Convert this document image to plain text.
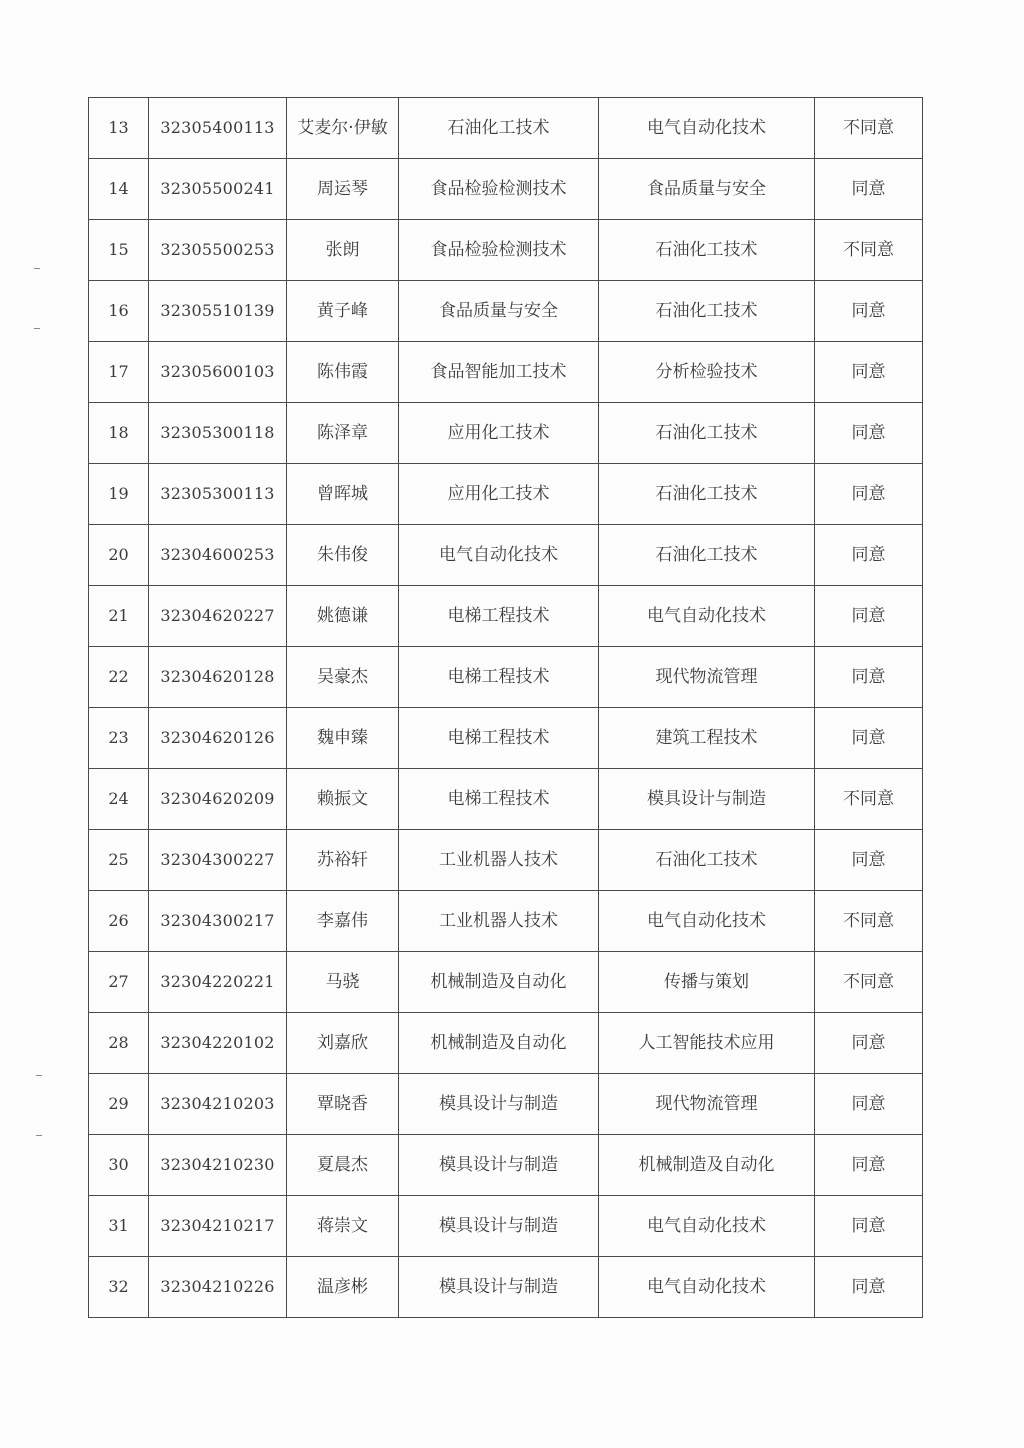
13	32305400113	艾麦尔·伊敏	石油化工技术	电气自动化技术	不同意
14	32305500241	周运琴	食品检验检测技术	食品质量与安全	同意
15	32305500253	张朗	食品检验检测技术	石油化工技术	不同意
16	32305510139	黄子峰	食品质量与安全	石油化工技术	同意
17	32305600103	陈伟霞	食品智能加工技术	分析检验技术	同意
18	32305300118	陈泽章	应用化工技术	石油化工技术	同意
19	32305300113	曾晖城	应用化工技术	石油化工技术	同意
20	32304600253	朱伟俊	电气自动化技术	石油化工技术	同意
21	32304620227	姚德谦	电梯工程技术	电气自动化技术	同意
22	32304620128	吴豪杰	电梯工程技术	现代物流管理	同意
23	32304620126	魏申臻	电梯工程技术	建筑工程技术	同意
24	32304620209	赖振文	电梯工程技术	模具设计与制造	不同意
25	32304300227	苏裕轩	工业机器人技术	石油化工技术	同意
26	32304300217	李嘉伟	工业机器人技术	电气自动化技术	不同意
27	32304220221	马骁	机械制造及自动化	传播与策划	不同意
28	32304220102	刘嘉欣	机械制造及自动化	人工智能技术应用	同意
29	32304210203	覃晓香	模具设计与制造	现代物流管理	同意
30	32304210230	夏晨杰	模具设计与制造	机械制造及自动化	同意
31	32304210217	蒋崇文	模具设计与制造	电气自动化技术	同意
32	32304210226	温彦彬	模具设计与制造	电气自动化技术	同意
